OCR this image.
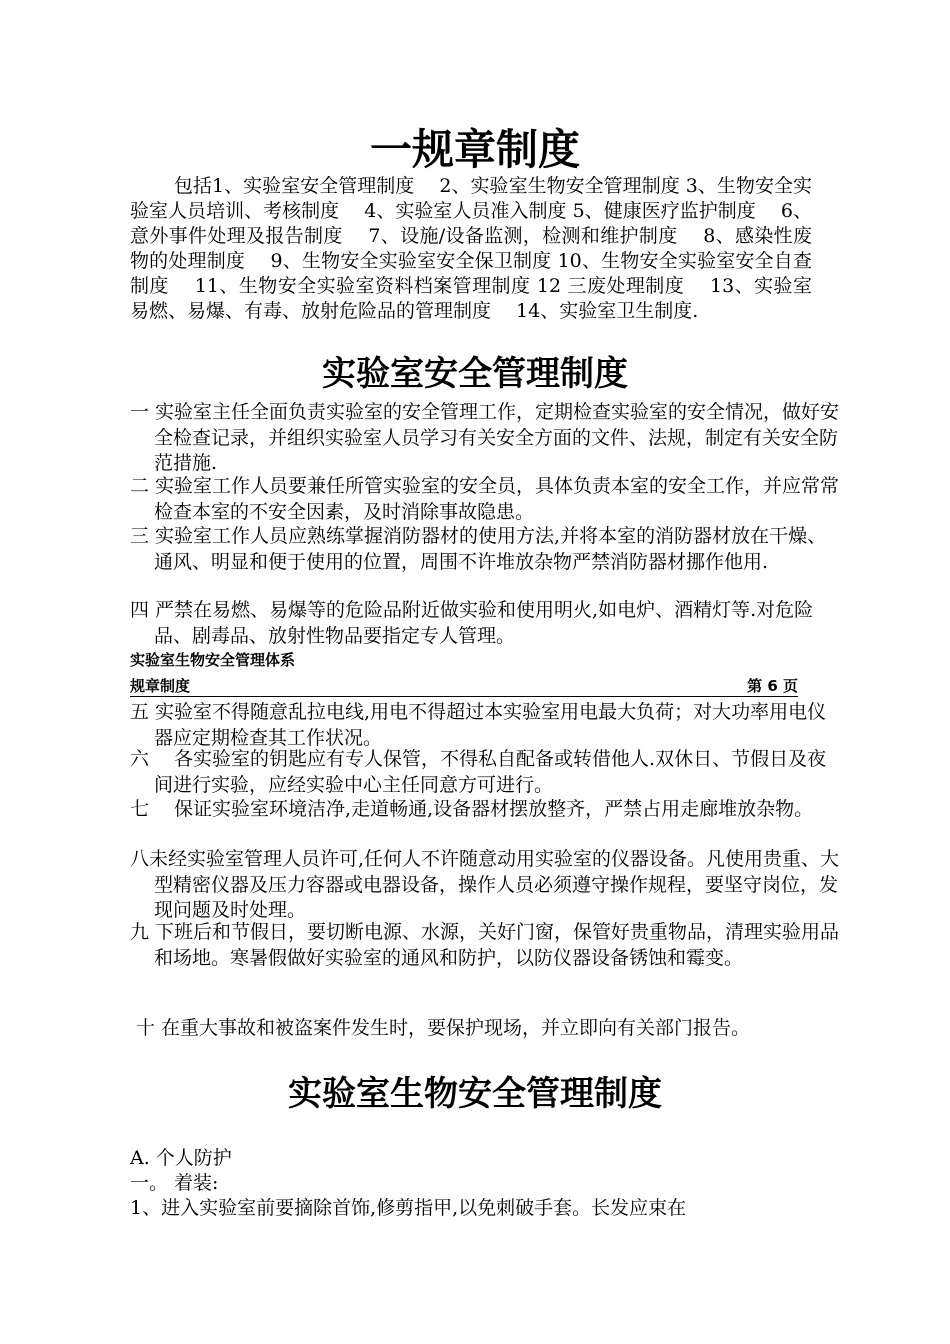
一规章制度

包括1、实验室安全管理制度　 2、实验室生物安全管理制度 3、生物安全实验室人员培训、考核制度　 4、实验室人员准入制度 5、健康医疗监护制度　 6、意外事件处理及报告制度　 7、设施/设备监测，检测和维护制度　 8、感染性废物的处理制度　 9、生物安全实验室安全保卫制度 10、生物安全实验室安全自查制度　 11、生物安全实验室资料档案管理制度 12 三废处理制度　 13、实验室易燃、易爆、有毒、放射危险品的管理制度　 14、实验室卫生制度.

实验室安全管理制度

一 实验室主任全面负责实验室的安全管理工作，定期检查实验室的安全情况，做好安全检查记录，并组织实验室人员学习有关安全方面的文件、法规，制定有关安全防范措施.

二 实验室工作人员要兼任所管实验室的安全员，具体负责本室的安全工作，并应常常检查本室的不安全因素，及时消除事故隐患。

三 实验室工作人员应熟练掌握消防器材的使用方法,并将本室的消防器材放在干燥、通风、明显和便于使用的位置，周围不许堆放杂物严禁消防器材挪作他用.

四 严禁在易燃、易爆等的危险品附近做实验和使用明火,如电炉、酒精灯等.对危险品、剧毒品、放射性物品要指定专人管理。

实验室生物安全管理体系

规章制度	第 6 页

五 实验室不得随意乱拉电线,用电不得超过本实验室用电最大负荷；对大功率用电仪器应定期检查其工作状况。

六　 各实验室的钥匙应有专人保管，不得私自配备或转借他人.双休日、节假日及夜间进行实验，应经实验中心主任同意方可进行。

七　 保证实验室环境洁净,走道畅通,设备器材摆放整齐，严禁占用走廊堆放杂物。

八未经实验室管理人员许可,任何人不许随意动用实验室的仪器设备。凡使用贵重、大型精密仪器及压力容器或电器设备，操作人员必须遵守操作规程，要坚守岗位，发现问题及时处理。

九 下班后和节假日，要切断电源、水源，关好门窗，保管好贵重物品，清理实验用品和场地。寒暑假做好实验室的通风和防护，以防仪器设备锈蚀和霉变。

十 在重大事故和被盗案件发生时，要保护现场，并立即向有关部门报告。

实验室生物安全管理制度

A. 个人防护

一。 着装:

1、进入实验室前要摘除首饰,修剪指甲,以免刺破手套。长发应束在
